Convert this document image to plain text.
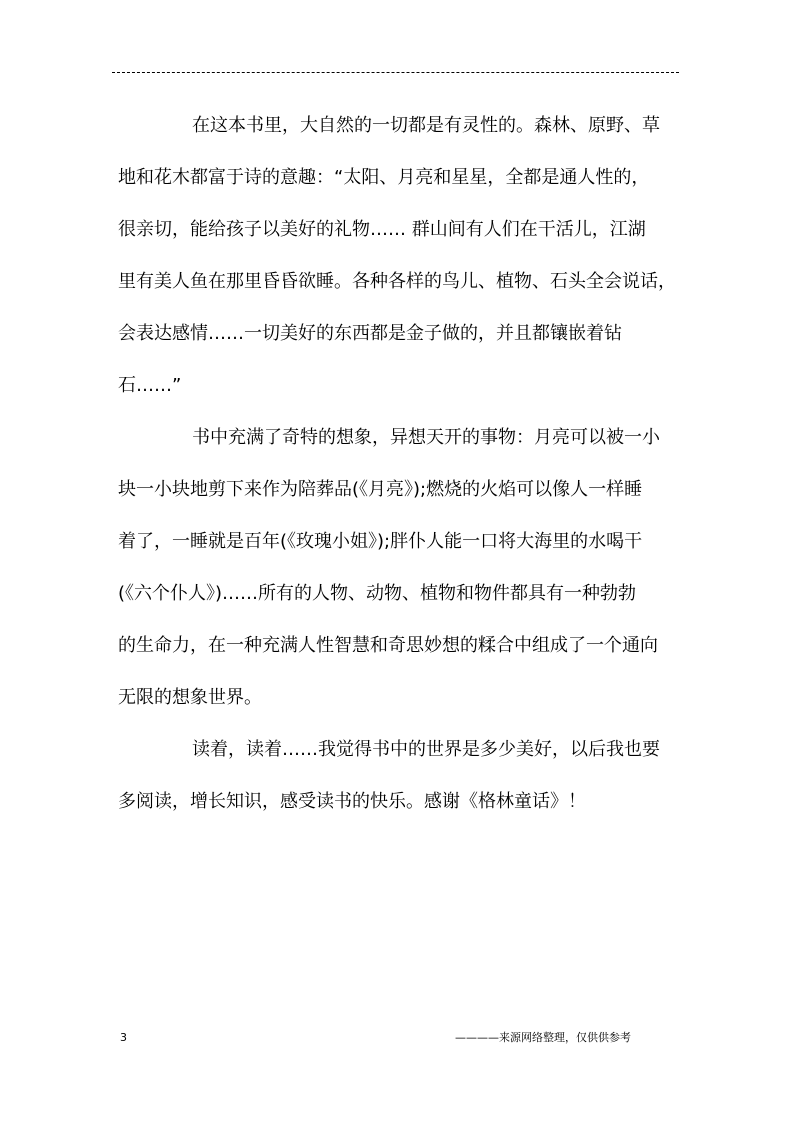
在这本书里，大自然的一切都是有灵性的。森林、原野、草
地和花木都富于诗的意趣：“太阳、月亮和星星，全都是通人性的，
很亲切，能给孩子以美好的礼物…… 群山间有人们在干活儿，江湖
里有美人鱼在那里昏昏欲睡。各种各样的鸟儿、植物、石头全会说话，
会表达感情……一切美好的东西都是金子做的，并且都镶嵌着钻
石……”
书中充满了奇特的想象，异想天开的事物：月亮可以被一小
块一小块地剪下来作为陪葬品(《月亮》);燃烧的火焰可以像人一样睡
着了，一睡就是百年(《玫瑰小姐》);胖仆人能一口将大海里的水喝干
(《六个仆人》)……所有的人物、动物、植物和物件都具有一种勃勃
的生命力，在一种充满人性智慧和奇思妙想的糅合中组成了一个通向
无限的想象世界。
读着，读着……我觉得书中的世界是多少美好，以后我也要
多阅读，增长知识，感受读书的快乐。感谢《格林童话》！
3	————来源网络整理，仅供供参考
